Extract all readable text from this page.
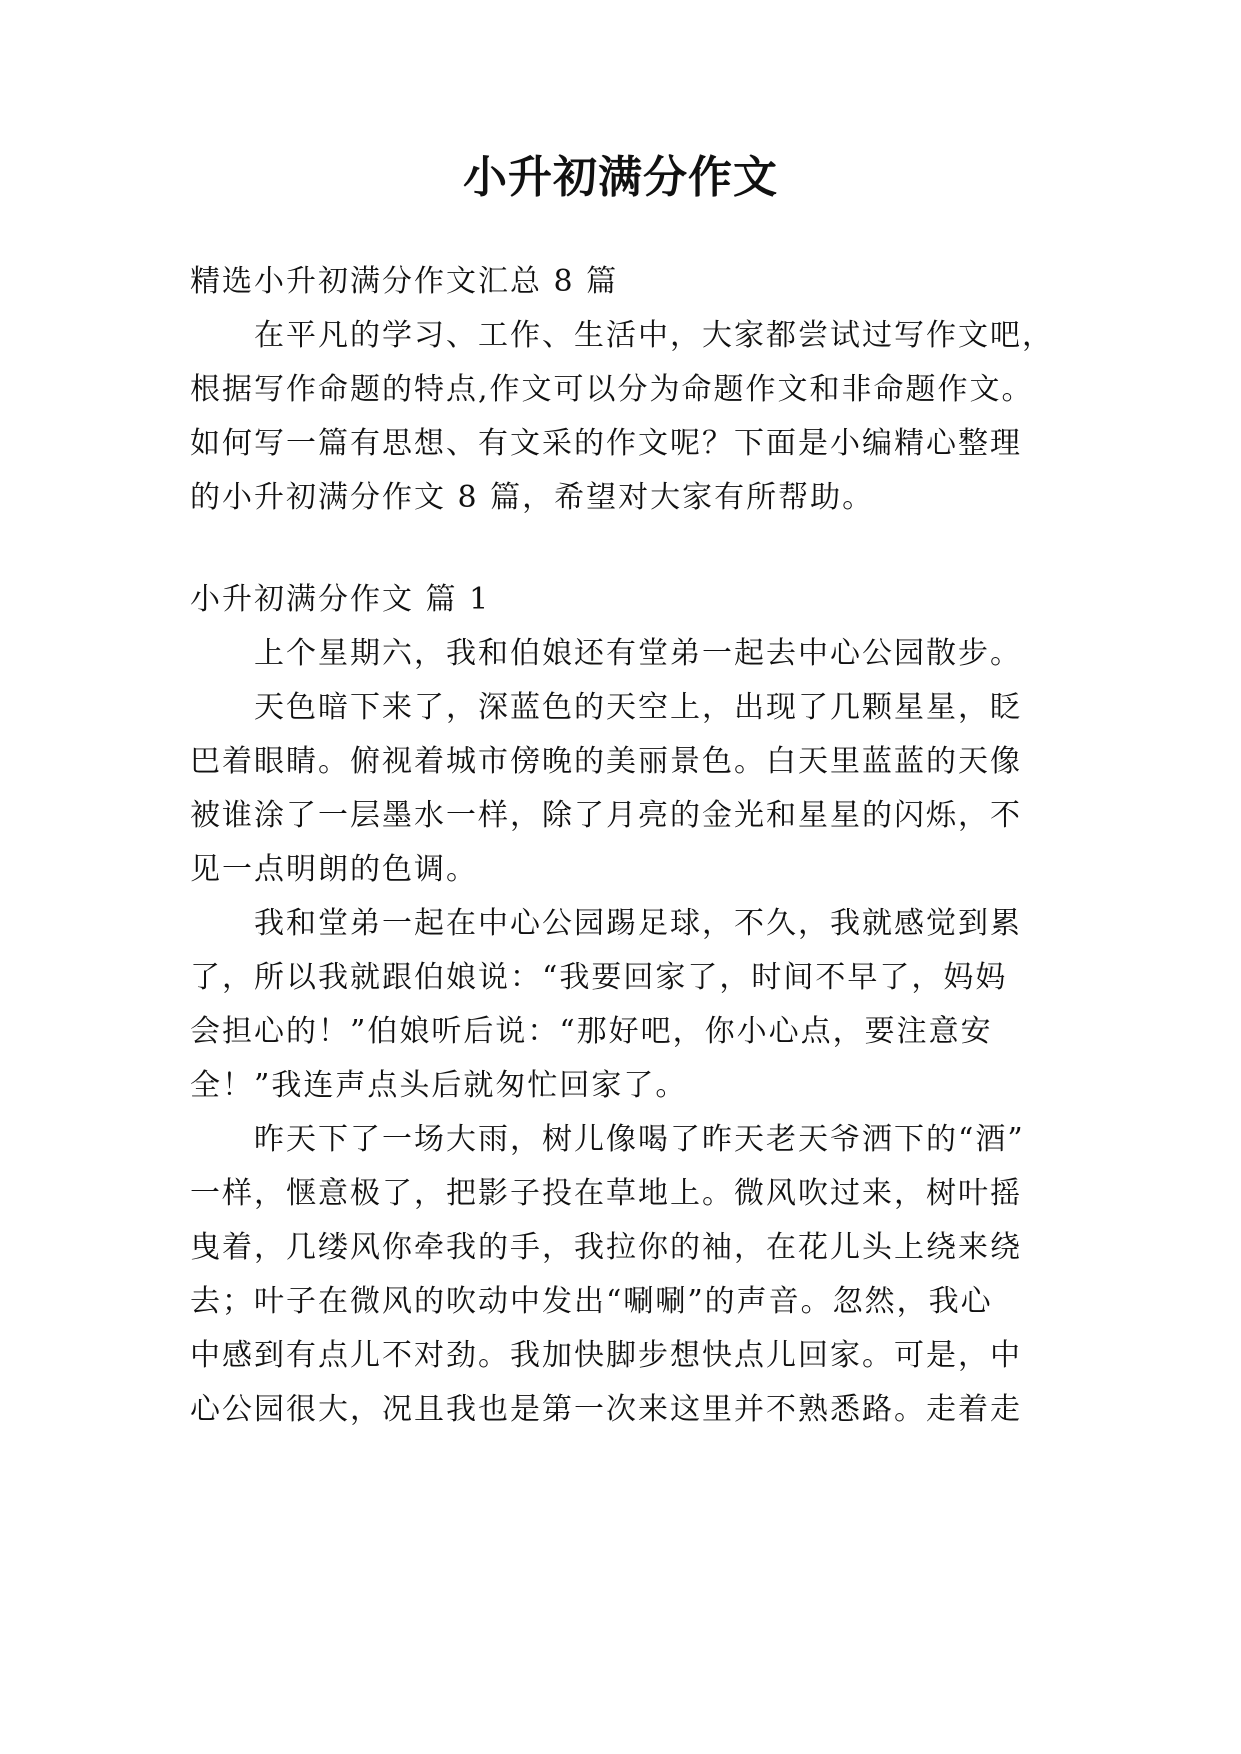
小升初满分作文
精选小升初满分作文汇总 8 篇
在平凡的学习、工作、生活中，大家都尝试过写作文吧，
根据写作命题的特点,作文可以分为命题作文和非命题作文。
如何写一篇有思想、有文采的作文呢？下面是小编精心整理
的小升初满分作文 8 篇，希望对大家有所帮助。
小升初满分作文 篇 1
上个星期六，我和伯娘还有堂弟一起去中心公园散步。
天色暗下来了，深蓝色的天空上，出现了几颗星星，眨
巴着眼睛。俯视着城市傍晚的美丽景色。白天里蓝蓝的天像
被谁涂了一层墨水一样，除了月亮的金光和星星的闪烁，不
见一点明朗的色调。
我和堂弟一起在中心公园踢足球，不久，我就感觉到累
了，所以我就跟伯娘说：“我要回家了，时间不早了，妈妈
会担心的！”伯娘听后说：“那好吧，你小心点，要注意安
全！”我连声点头后就匆忙回家了。
昨天下了一场大雨，树儿像喝了昨天老天爷洒下的“酒”
一样，惬意极了，把影子投在草地上。微风吹过来，树叶摇
曳着，几缕风你牵我的手，我拉你的袖，在花儿头上绕来绕
去；叶子在微风的吹动中发出“唰唰”的声音。忽然，我心
中感到有点儿不对劲。我加快脚步想快点儿回家。可是，中
心公园很大，况且我也是第一次来这里并不熟悉路。走着走
